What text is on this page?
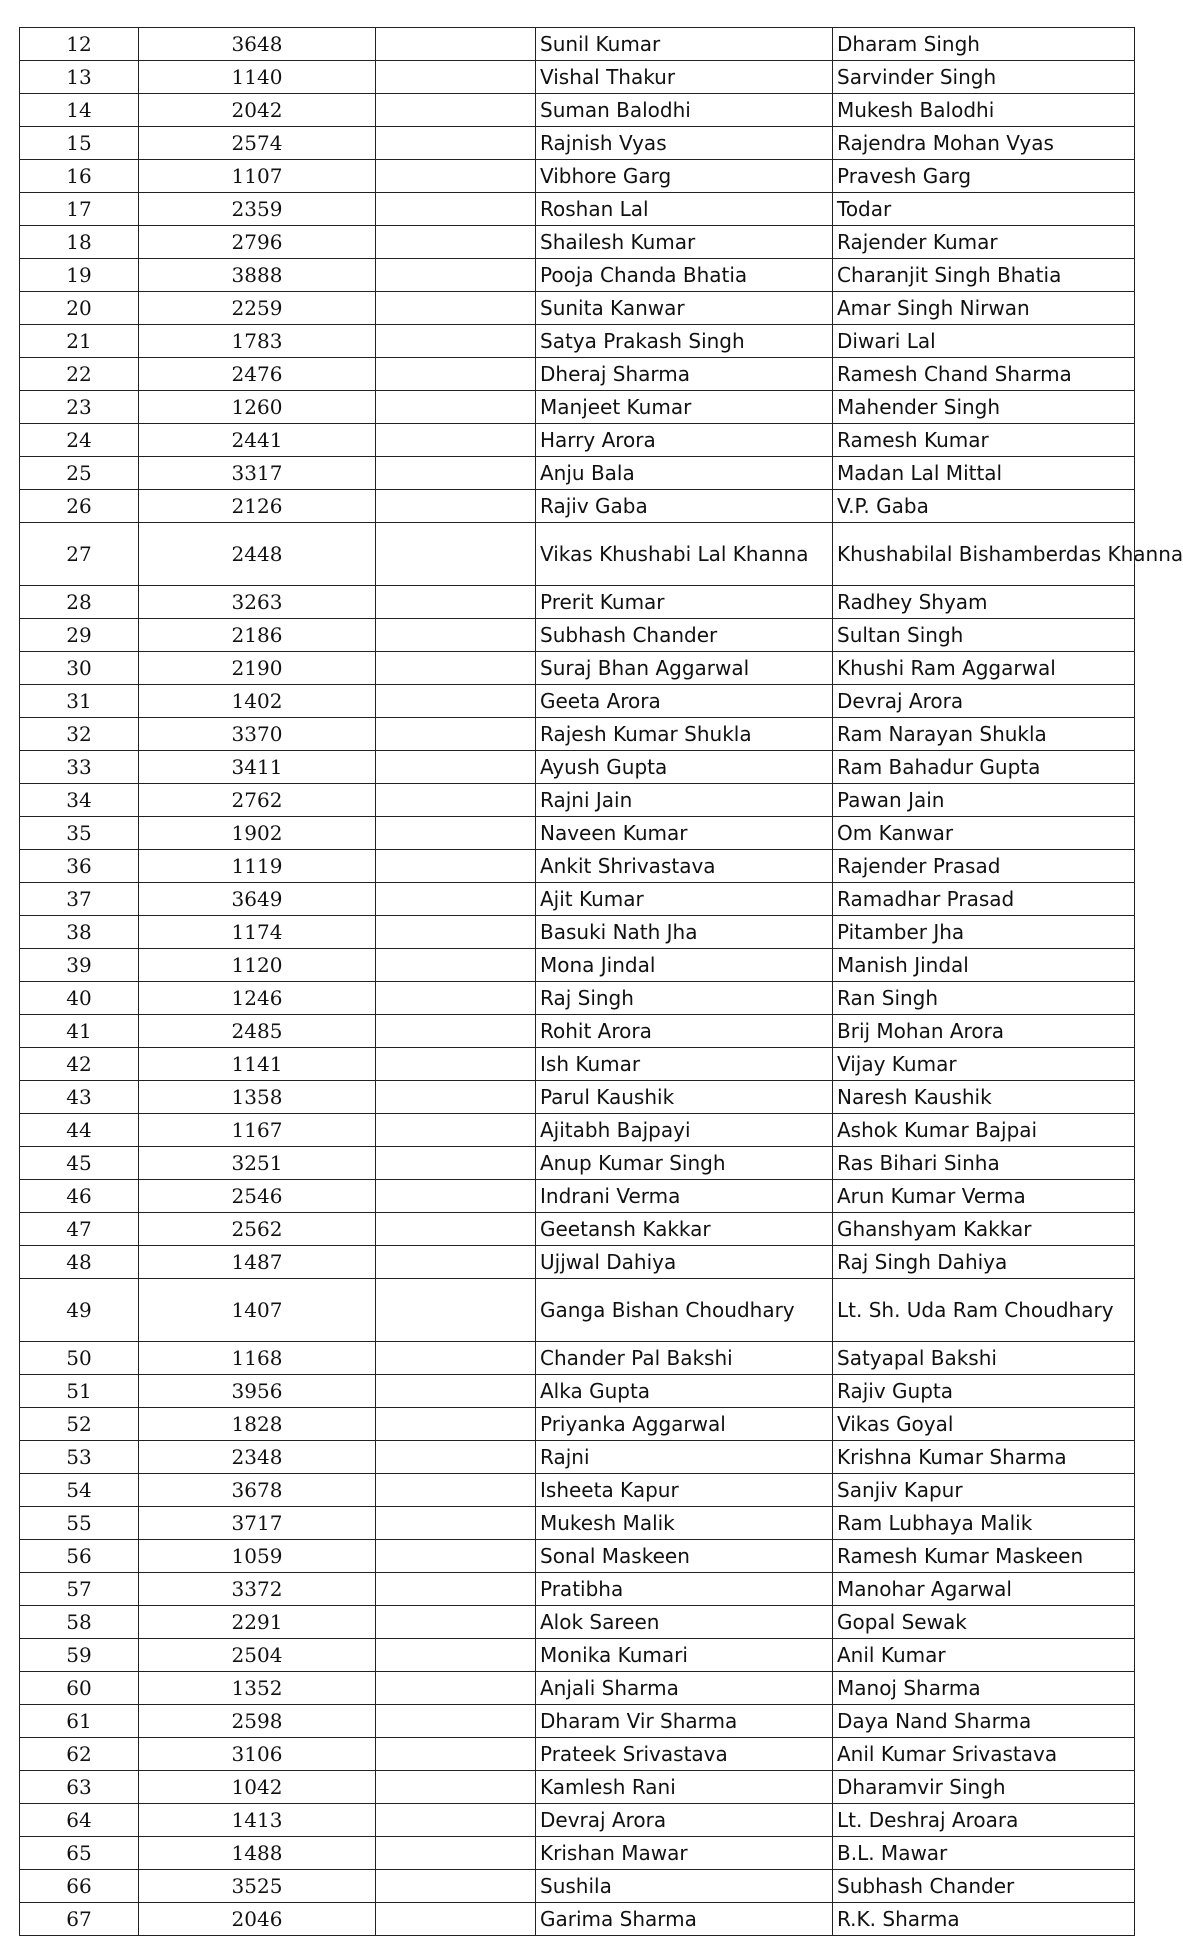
12	3648		Sunil Kumar	Dharam Singh
13	1140		Vishal Thakur	Sarvinder Singh
14	2042		Suman Balodhi	Mukesh Balodhi
15	2574		Rajnish Vyas	Rajendra Mohan Vyas
16	1107		Vibhore Garg	Pravesh Garg
17	2359		Roshan Lal	Todar
18	2796		Shailesh Kumar	Rajender Kumar
19	3888		Pooja Chanda Bhatia	Charanjit Singh Bhatia
20	2259		Sunita Kanwar	Amar Singh Nirwan
21	1783		Satya Prakash Singh	Diwari Lal
22	2476		Dheraj Sharma	Ramesh Chand Sharma
23	1260		Manjeet Kumar	Mahender Singh
24	2441		Harry Arora	Ramesh Kumar
25	3317		Anju Bala	Madan Lal Mittal
26	2126		Rajiv Gaba	V.P. Gaba
27	2448		Vikas Khushabi Lal Khanna	Khushabilal Bishamberdas Khanna
28	3263		Prerit Kumar	Radhey Shyam
29	2186		Subhash Chander	Sultan Singh
30	2190		Suraj Bhan Aggarwal	Khushi Ram Aggarwal
31	1402		Geeta Arora	Devraj Arora
32	3370		Rajesh Kumar Shukla	Ram Narayan Shukla
33	3411		Ayush Gupta	Ram Bahadur Gupta
34	2762		Rajni Jain	Pawan Jain
35	1902		Naveen Kumar	Om Kanwar
36	1119		Ankit Shrivastava	Rajender Prasad
37	3649		Ajit Kumar	Ramadhar Prasad
38	1174		Basuki Nath Jha	Pitamber Jha
39	1120		Mona Jindal	Manish Jindal
40	1246		Raj Singh	Ran Singh
41	2485		Rohit Arora	Brij Mohan Arora
42	1141		Ish Kumar	Vijay Kumar
43	1358		Parul Kaushik	Naresh Kaushik
44	1167		Ajitabh Bajpayi	Ashok Kumar Bajpai
45	3251		Anup Kumar Singh	Ras Bihari Sinha
46	2546		Indrani Verma	Arun Kumar Verma
47	2562		Geetansh Kakkar	Ghanshyam Kakkar
48	1487		Ujjwal Dahiya	Raj Singh Dahiya
49	1407		Ganga Bishan Choudhary	Lt. Sh. Uda Ram Choudhary
50	1168		Chander Pal Bakshi	Satyapal Bakshi
51	3956		Alka Gupta	Rajiv Gupta
52	1828		Priyanka Aggarwal	Vikas Goyal
53	2348		Rajni	Krishna Kumar Sharma
54	3678		Isheeta Kapur	Sanjiv Kapur
55	3717		Mukesh Malik	Ram Lubhaya Malik
56	1059		Sonal Maskeen	Ramesh Kumar Maskeen
57	3372		Pratibha	Manohar Agarwal
58	2291		Alok Sareen	Gopal Sewak
59	2504		Monika Kumari	Anil Kumar
60	1352		Anjali Sharma	Manoj Sharma
61	2598		Dharam Vir Sharma	Daya Nand Sharma
62	3106		Prateek Srivastava	Anil Kumar Srivastava
63	1042		Kamlesh Rani	Dharamvir Singh
64	1413		Devraj Arora	Lt. Deshraj Aroara
65	1488		Krishan Mawar	B.L. Mawar
66	3525		Sushila	Subhash Chander
67	2046		Garima Sharma	R.K. Sharma
